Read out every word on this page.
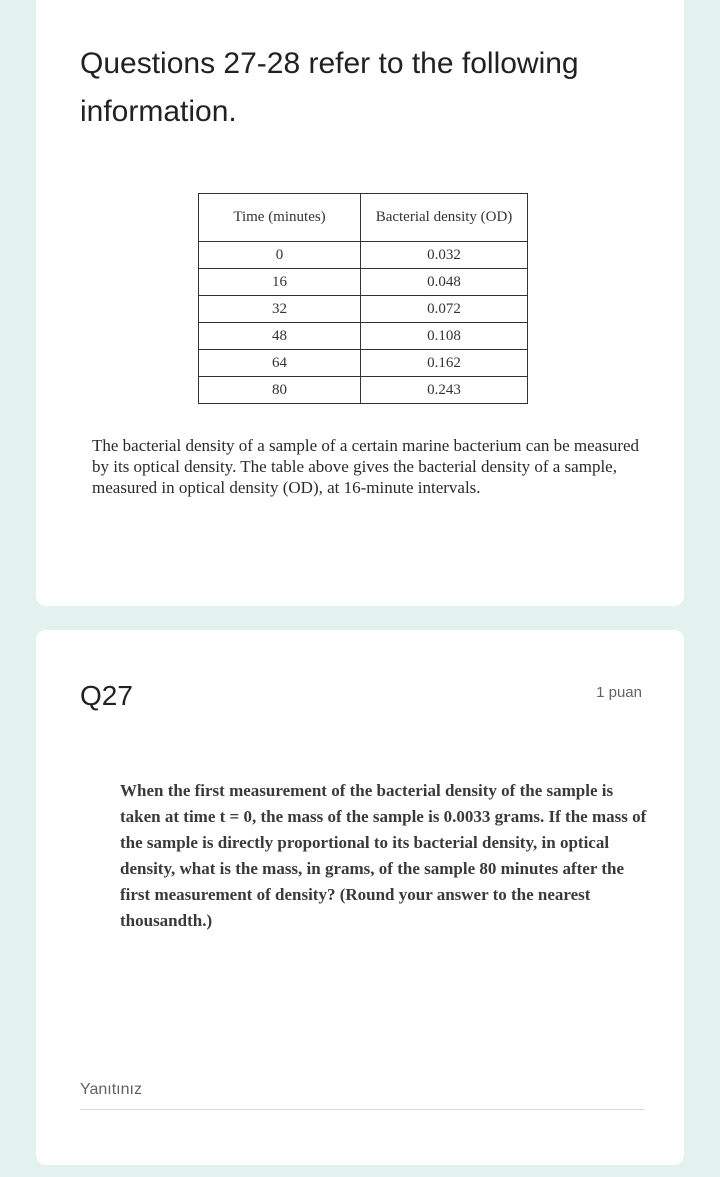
Questions 27-28 refer to the following information.
Time (minutes)	Bacterial density (OD)
0	0.032
16	0.048
32	0.072
48	0.108
64	0.162
80	0.243
The bacterial density of a sample of a certain marine bacterium can be measured by its optical density. The table above gives the bacterial density of a sample, measured in optical density (OD), at 16-minute intervals.
Q27	1 puan
When the first measurement of the bacterial density of the sample is taken at time t = 0, the mass of the sample is 0.0033 grams. If the mass of the sample is directly proportional to its bacterial density, in optical density, what is the mass, in grams, of the sample 80 minutes after the first measurement of density? (Round your answer to the nearest thousandth.)
Yanıtınız
